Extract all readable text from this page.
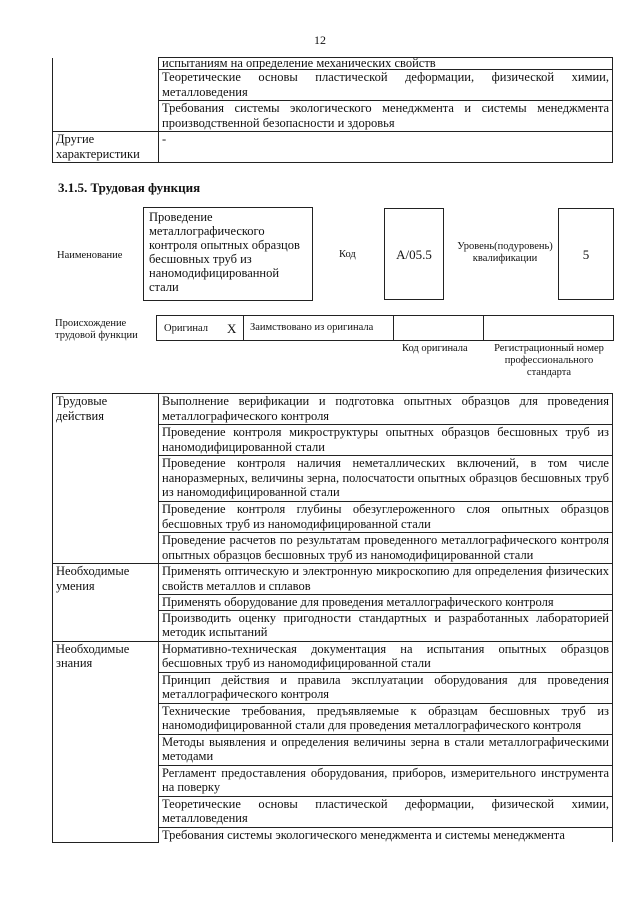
12
	испытаниям на определение механических свойств
	Теоретические основы пластической деформации, физической химии, металловедения
	Требования системы экологического менеджмента и системы менеджмента производственной безопасности и здоровья
Другие характеристики	-
3.1.5. Трудовая функция
Наименование
Проведение металлографического контроля опытных образцов бесшовных труб из наномодифицированной стали
Код	А/05.5
Уровень(подуровень) квалификации	5
Происхождение трудовой функции
Оригинал Х Заимствовано из оригинала
Код оригинала	Регистрационный номер профессионального стандарта
Трудовые действия	Выполнение верификации и подготовка опытных образцов для проведения металлографического контроля
	Проведение контроля микроструктуры опытных образцов бесшовных труб из наномодифицированной стали
	Проведение контроля наличия неметаллических включений, в том числе наноразмерных, величины зерна, полосчатости опытных образцов бесшовных труб из наномодифицированной стали
	Проведение контроля глубины обезуглероженного слоя опытных образцов бесшовных труб из наномодифицированной стали
	Проведение расчетов по результатам проведенного металлографического контроля опытных образцов бесшовных труб из наномодифицированной стали
Необходимые умения	Применять оптическую и электронную микроскопию для определения физических свойств металлов и сплавов
	Применять оборудование для проведения металлографического контроля
	Производить оценку пригодности стандартных и разработанных лабораторией методик испытаний
Необходимые знания	Нормативно-техническая документация на испытания опытных образцов бесшовных труб из наномодифицированной стали
	Принцип действия и правила эксплуатации оборудования для проведения металлографического контроля
	Технические требования, предъявляемые к образцам бесшовных труб из наномодифицированной стали для проведения металлографического контроля
	Методы выявления и определения величины зерна в стали металлографическими методами
	Регламент предоставления оборудования, приборов, измерительного инструмента на поверку
	Теоретические основы пластической деформации, физической химии, металловедения
	Требования системы экологического менеджмента и системы менеджмента
